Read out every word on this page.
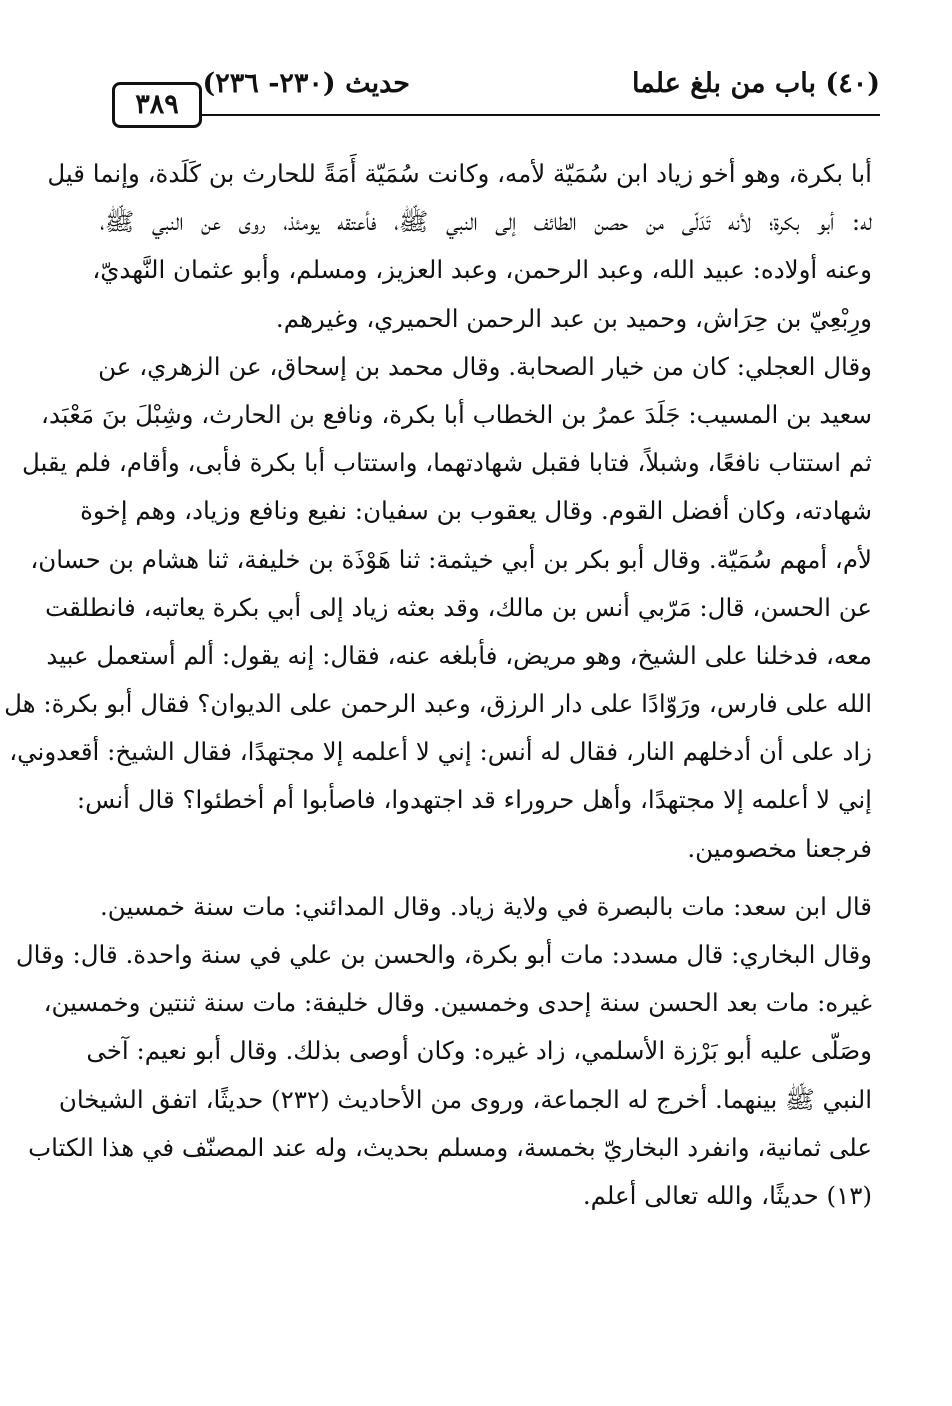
(٤٠) باب من بلغ علما
حديث (٢٣٠- ٢٣٦)
٣٨٩
أبا بكرة، وهو أخو زياد ابن سُمَيّة لأمه، وكانت سُمَيّة أَمَةً للحارث بن كَلَدة، وإنما قيل
له: أبو بكرة؛ لأنه تَدَلّى من حصن الطائف إلى النبي ﷺ، فأعتقه يومئذ، روى عن النبي ﷺ،
وعنه أولاده: عبيد الله، وعبد الرحمن، وعبد العزيز، ومسلم، وأبو عثمان النَّهديّ،
ورِبْعِيّ بن حِرَاش، وحميد بن عبد الرحمن الحميري، وغيرهم.
وقال العجلي: كان من خيار الصحابة. وقال محمد بن إسحاق، عن الزهري، عن
سعيد بن المسيب: جَلَدَ عمرُ بن الخطاب أبا بكرة، ونافع بن الحارث، وشِبْلَ بنَ مَعْبَد،
ثم استتاب نافعًا، وشبلاً، فتابا فقبل شهادتهما، واستتاب أبا بكرة فأبى، وأقام، فلم يقبل
شهادته، وكان أفضل القوم. وقال يعقوب بن سفيان: نفيع ونافع وزياد، وهم إخوة
لأم، أمهم سُمَيّة. وقال أبو بكر بن أبي خيثمة: ثنا هَوْذَة بن خليفة، ثنا هشام بن حسان،
عن الحسن، قال: مَرّبي أنس بن مالك، وقد بعثه زياد إلى أبي بكرة يعاتبه، فانطلقت
معه، فدخلنا على الشيخ، وهو مريض، فأبلغه عنه، فقال: إنه يقول: ألم أستعمل عبيد
الله على فارس، ورَوّادًا على دار الرزق، وعبد الرحمن على الديوان؟ فقال أبو بكرة: هل
زاد على أن أدخلهم النار، فقال له أنس: إني لا أعلمه إلا مجتهدًا، فقال الشيخ: أقعدوني،
إني لا أعلمه إلا مجتهدًا، وأهل حروراء قد اجتهدوا، فاصأبوا أم أخطئوا؟ قال أنس:
فرجعنا مخصومين.
قال ابن سعد: مات بالبصرة في ولاية زياد. وقال المدائني: مات سنة خمسين.
وقال البخاري: قال مسدد: مات أبو بكرة، والحسن بن علي في سنة واحدة. قال: وقال
غيره: مات بعد الحسن سنة إحدى وخمسين. وقال خليفة: مات سنة ثنتين وخمسين،
وصَلّى عليه أبو بَرْزة الأسلمي، زاد غيره: وكان أوصى بذلك. وقال أبو نعيم: آخى
النبي ﷺ بينهما. أخرج له الجماعة، وروى من الأحاديث (٢٣٢) حديثًا، اتفق الشيخان
على ثمانية، وانفرد البخاريّ بخمسة، ومسلم بحديث، وله عند المصنّف في هذا الكتاب
(١٣) حديثًا، والله تعالى أعلم.
